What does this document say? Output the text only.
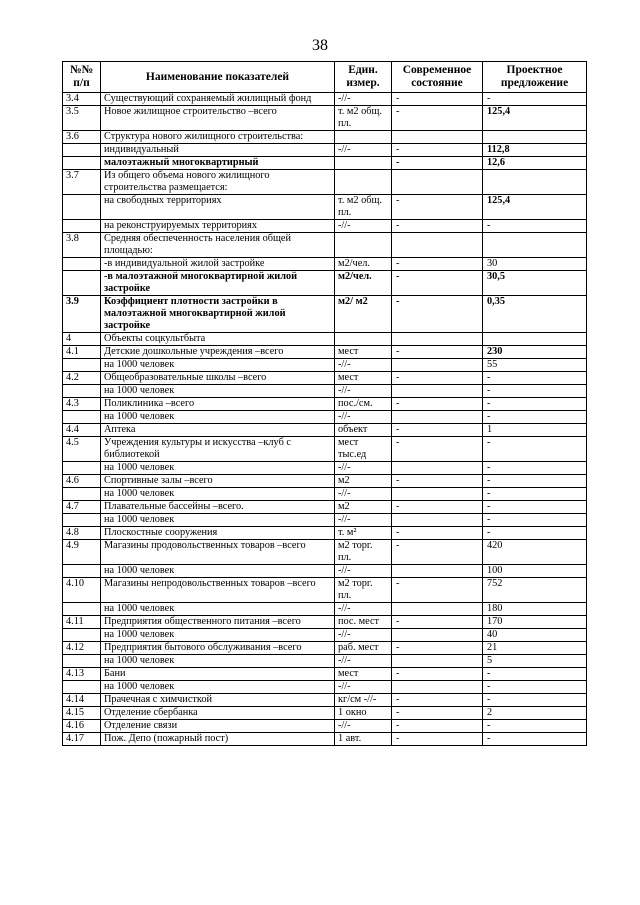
38
№№ п/п	Наименование показателей	Един. измер.	Современное состояние	Проектное предложение
3.4	Существующий сохраняемый жилищный фонд	-//-	-	-
3.5	Новое жилищное строительство –всего	т. м2 общ. пл.	-	125,4
3.6	Структура нового жилищного строительства:			
	индивидуальный	-//-	-	112,8
	малоэтажный многоквартирный		-	12,6
3.7	Из общего объема нового жилищного строительства размещается:			
	на свободных территориях	т. м2 общ. пл.	-	125,4
	на реконструируемых территориях	-//-	-	-
3.8	Средняя обеспеченность населения общей площадью:			
	-в индивидуальной жилой застройке	м2/чел.	-	30
	-в малоэтажной многоквартирной жилой застройке	м2/чел.	-	30,5
3.9	Коэффициент плотности застройки в малоэтажной многоквартирной жилой застройке	м2/ м2	-	0,35
4	Объекты соцкультбыта			
4.1	Детские дошкольные учреждения –всего	мест	-	230
	на 1000 человек	-//-		55
4.2	Общеобразовательные школы –всего	мест	-	-
	на 1000 человек	-//-		-
4.3	Поликлиника –всего	пос./см.	-	-
	на 1000 человек	-//-		-
4.4	Аптека	объект	-	1
4.5	Учреждения культуры и искусства –клуб с библиотекой	мест тыс.ед	-	-
	на 1000 человек	-//-		-
4.6	Спортивные залы –всего	м2	-	-
	на 1000 человек	-//-		-
4.7	Плавательные бассейны –всего.	м2	-	-
	на 1000 человек	-//-		-
4.8	Плоскостные сооружения	т. м²	-	-
4.9	Магазины продовольственных товаров –всего	м2 торг. пл.	-	420
	на 1000 человек	-//-		100
4.10	Магазины непродовольственных товаров –всего	м2 торг. пл.	-	752
	на 1000 человек	-//-		180
4.11	Предприятия общественного питания –всего	пос. мест	-	170
	на 1000 человек	-//-		40
4.12	Предприятия бытового обслуживания –всего	раб. мест	-	21
	на 1000 человек	-//-		5
4.13	Бани	мест	-	-
	на 1000 человек	-//-		-
4.14	Прачечная с химчисткой	кг/см -//-	-	-
4.15	Отделение сбербанка	1 окно	-	2
4.16	Отделение связи	-//-	-	-
4.17	Пож. Депо (пожарный пост)	1 авт.	-	-
